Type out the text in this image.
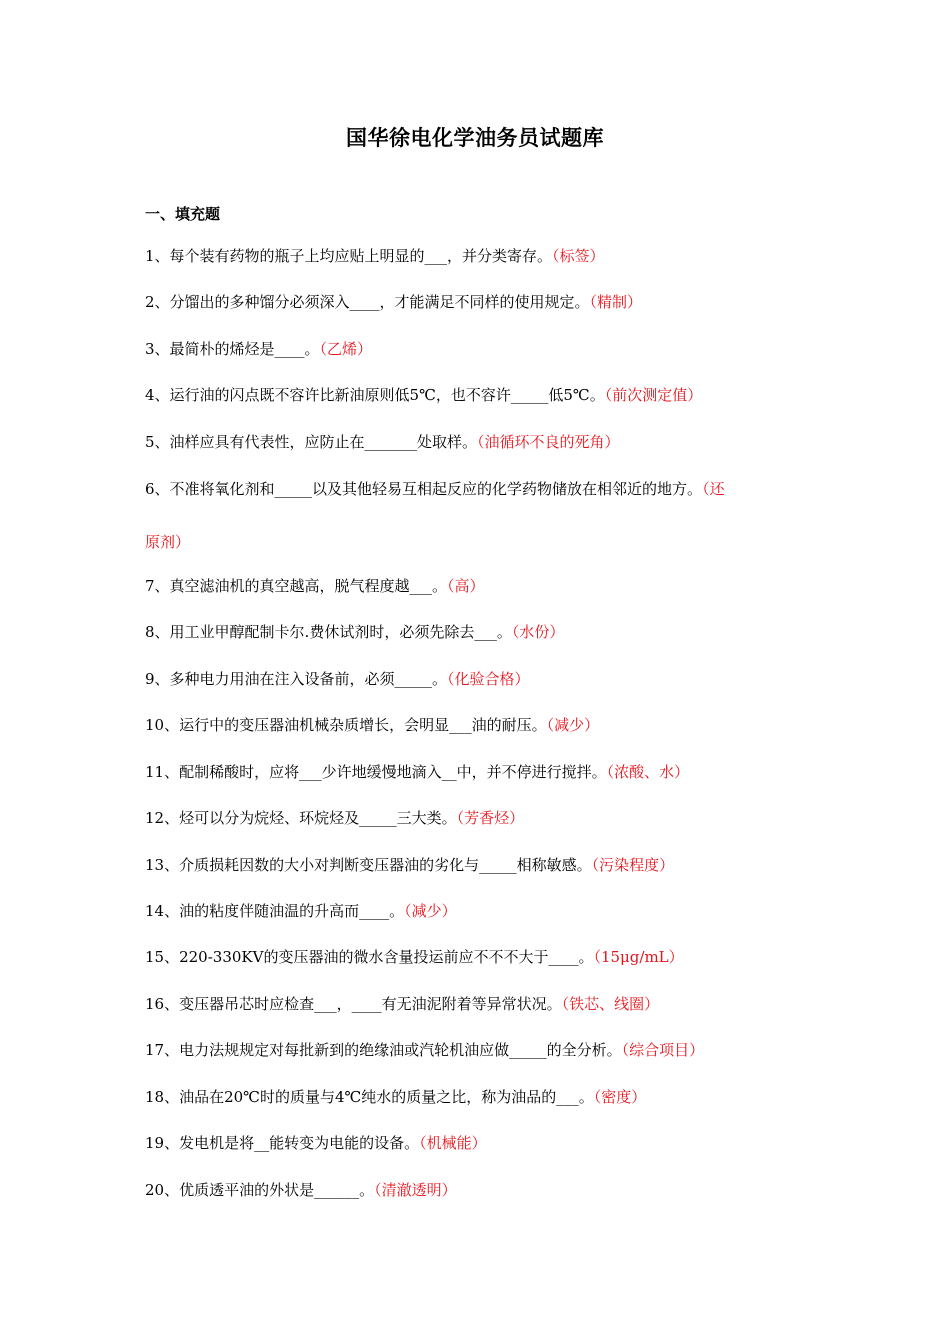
国华徐电化学油务员试题库
一、填充题
1、每个装有药物的瓶子上均应贴上明显的___，并分类寄存。（标签）
2、分馏出的多种馏分必须深入____，才能满足不同样的使用规定。（精制）
3、最简朴的烯烃是____。（乙烯）
4、运行油的闪点既不容许比新油原则低5℃，也不容许_____低5℃。（前次测定值）
5、油样应具有代表性，应防止在_______处取样。（油循环不良的死角）
6、不准将氧化剂和_____以及其他轻易互相起反应的化学药物储放在相邻近的地方。（还
原剂）
7、真空滤油机的真空越高，脱气程度越___。（高）
8、用工业甲醇配制卡尔.费休试剂时，必须先除去___。（水份）
9、多种电力用油在注入设备前，必须_____。（化验合格）
10、运行中的变压器油机械杂质增长，会明显___油的耐压。（减少）
11、配制稀酸时，应将___少许地缓慢地滴入__中，并不停进行搅拌。（浓酸、水）
12、烃可以分为烷烃、环烷烃及_____三大类。（芳香烃）
13、介质损耗因数的大小对判断变压器油的劣化与_____相称敏感。（污染程度）
14、油的粘度伴随油温的升高而____。（减少）
15、220-330KV的变压器油的微水含量投运前应不不不大于____。（15μg/mL）
16、变压器吊芯时应检查___，____有无油泥附着等异常状况。（铁芯、线圈）
17、电力法规规定对每批新到的绝缘油或汽轮机油应做_____的全分析。（综合项目）
18、油品在20℃时的质量与4℃纯水的质量之比，称为油品的___。（密度）
19、发电机是将__能转变为电能的设备。（机械能）
20、优质透平油的外状是______。（清澈透明）
